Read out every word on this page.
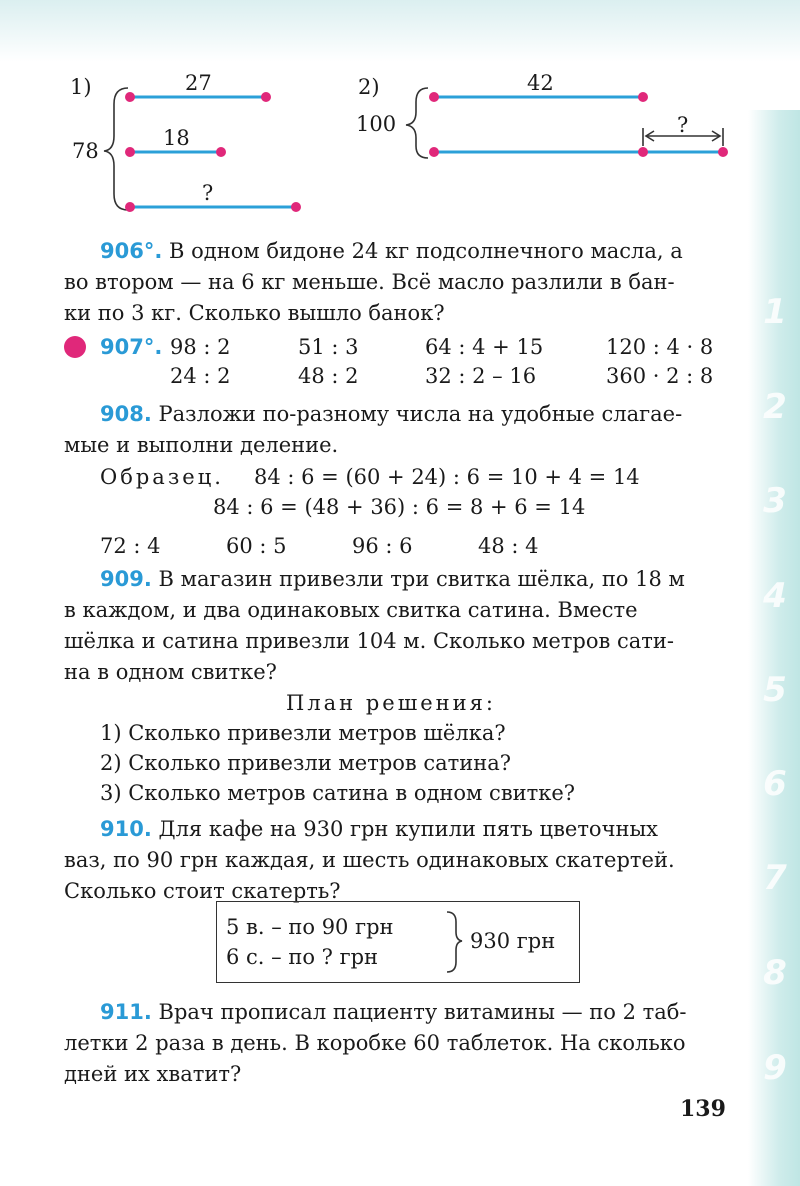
1
2
3
4
5
6
7
8
9
1)
78
27
18
?
2)
100
42
?
906°. В одном бидоне 24 кг подсолнечного масла, а
во втором — на 6 кг меньше. Всё масло разлили в бан-
ки по 3 кг. Сколько вышло банок?
907°. 98 : 2	51 : 3	64 : 4 + 15	120 : 4 · 8
24 : 2	48 : 2	32 : 2 – 16	360 · 2 : 8
908. Разложи по-разному числа на удобные слагае-
мые и выполни деление.
Образец. 84 : 6 = (60 + 24) : 6 = 10 + 4 = 14
84 : 6 = (48 + 36) : 6 = 8 + 6 = 14
72 : 4	60 : 5	96 : 6	48 : 4
909. В магазин привезли три свитка шёлка, по 18 м
в каждом, и два одинаковых свитка сатина. Вместе
шёлка и сатина привезли 104 м. Сколько метров сати-
на в одном свитке?
План решения:
1) Сколько привезли метров шёлка?
2) Сколько привезли метров сатина?
3) Сколько метров сатина в одном свитке?
910. Для кафе на 930 грн купили пять цветочных
ваз, по 90 грн каждая, и шесть одинаковых скатертей.
Сколько стоит скатерть?
5 в. – по 90 грн
6 с. – по ? грн
930 грн
911. Врач прописал пациенту витамины — по 2 таб-
летки 2 раза в день. В коробке 60 таблеток. На сколько
дней их хватит?
139
